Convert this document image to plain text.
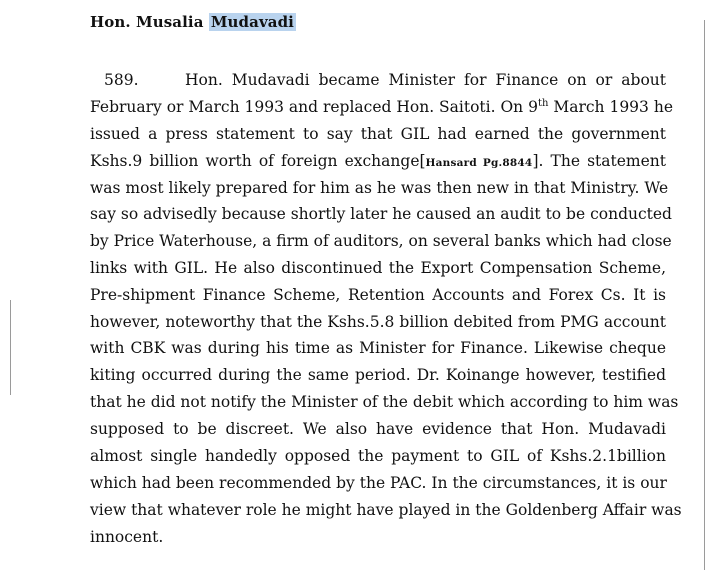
Hon. Musalia Mudavadi
589.	Hon. Mudavadi became Minister for Finance on or about
February or March 1993 and replaced Hon. Saitoti. On 9th March 1993 he
issued a press statement to say that GIL had earned the government
Kshs.9 billion worth of foreign exchange[Hansard Pg.8844]. The statement
was most likely prepared for him as he was then new in that Ministry. We
say so advisedly because shortly later he caused an audit to be conducted
by Price Waterhouse, a firm of auditors, on several banks which had close
links with GIL. He also discontinued the Export Compensation Scheme,
Pre-shipment Finance Scheme, Retention Accounts and Forex Cs. It is
however, noteworthy that the Kshs.5.8 billion debited from PMG account
with CBK was during his time as Minister for Finance. Likewise cheque
kiting occurred during the same period. Dr. Koinange however, testified
that he did not notify the Minister of the debit which according to him was
supposed to be discreet. We also have evidence that Hon. Mudavadi
almost single handedly opposed the payment to GIL of Kshs.2.1billion
which had been recommended by the PAC. In the circumstances, it is our
view that whatever role he might have played in the Goldenberg Affair was
innocent.
